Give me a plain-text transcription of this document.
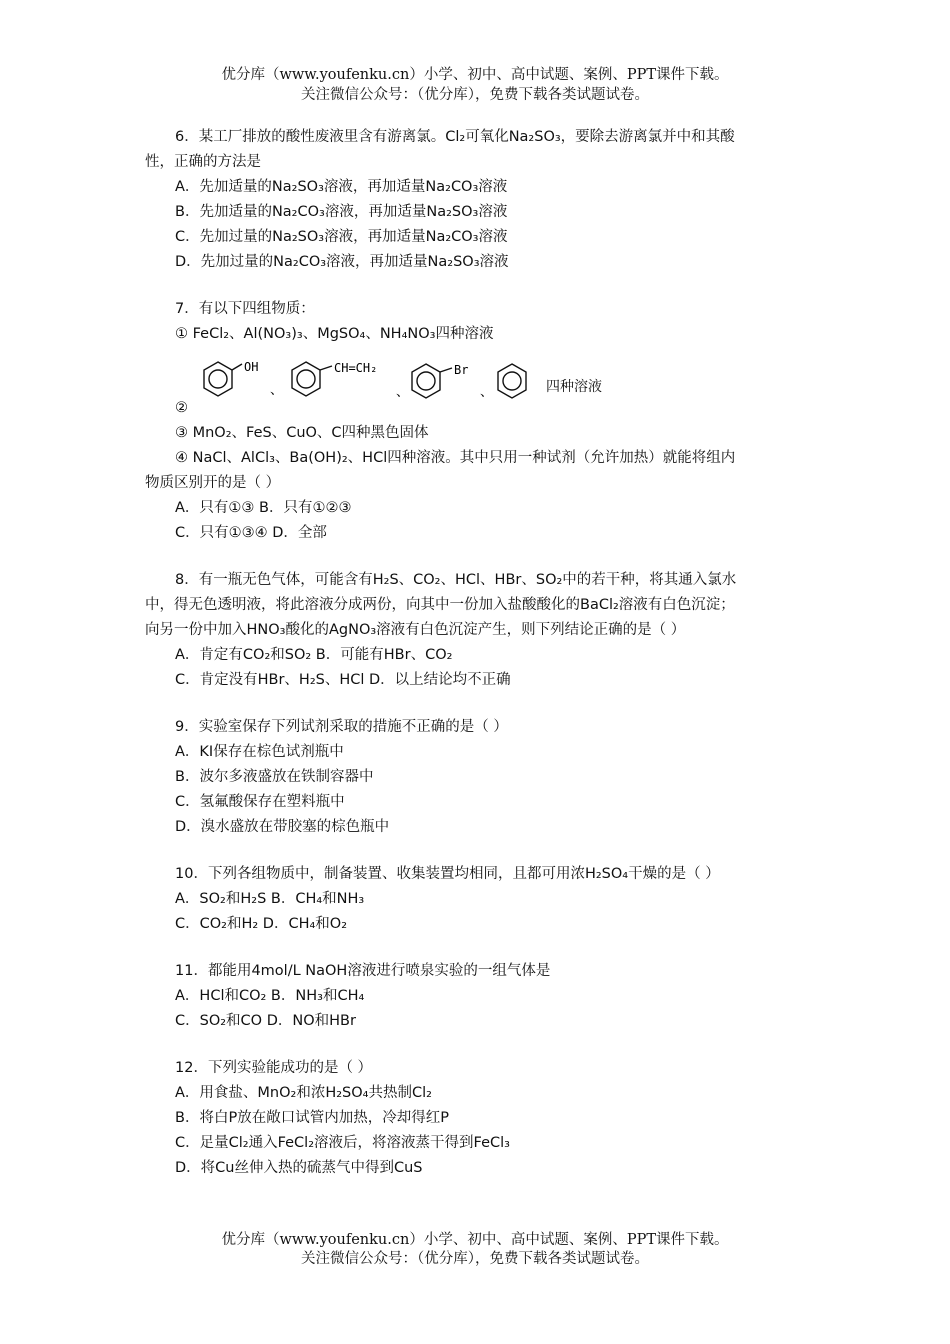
优分库（www.youfenku.cn）小学、初中、高中试题、案例、PPT课件下载。
关注微信公众号：（优分库），免费下载各类试题试卷。
6．某工厂排放的酸性废液里含有游离氯。Cl₂可氧化Na₂SO₃，要除去游离氯并中和其酸
性，正确的方法是
A．先加适量的Na₂SO₃溶液，再加适量Na₂CO₃溶液
B．先加适量的Na₂CO₃溶液，再加适量Na₂SO₃溶液
C．先加过量的Na₂SO₃溶液，再加适量Na₂CO₃溶液
D．先加过量的Na₂CO₃溶液，再加适量Na₂SO₃溶液
7．有以下四组物质：
① FeCl₂、Al(NO₃)₃、MgSO₄、NH₄NO₃四种溶液
OH
、
CH=CH₂
、
Br
、	四种溶液
②
③ MnO₂、FeS、CuO、C四种黑色固体
④ NaCl、AlCl₃、Ba(OH)₂、HCl四种溶液。其中只用一种试剂（允许加热）就能将组内
物质区别开的是（ ）
A．只有①③ B．只有①②③
C．只有①③④ D．全部
8．有一瓶无色气体，可能含有H₂S、CO₂、HCl、HBr、SO₂中的若干种，将其通入氯水
中，得无色透明液，将此溶液分成两份，向其中一份加入盐酸酸化的BaCl₂溶液有白色沉淀；
向另一份中加入HNO₃酸化的AgNO₃溶液有白色沉淀产生，则下列结论正确的是（ ）
A．肯定有CO₂和SO₂ B．可能有HBr、CO₂
C．肯定没有HBr、H₂S、HCl D．以上结论均不正确
9．实验室保存下列试剂采取的措施不正确的是（ ）
A．KI保存在棕色试剂瓶中
B．波尔多液盛放在铁制容器中
C．氢氟酸保存在塑料瓶中
D．溴水盛放在带胶塞的棕色瓶中
10．下列各组物质中，制备装置、收集装置均相同，且都可用浓H₂SO₄干燥的是（ ）
A．SO₂和H₂S B．CH₄和NH₃
C．CO₂和H₂ D．CH₄和O₂
11．都能用4mol/L NaOH溶液进行喷泉实验的一组气体是
A．HCl和CO₂ B．NH₃和CH₄
C．SO₂和CO D．NO和HBr
12．下列实验能成功的是（ ）
A．用食盐、MnO₂和浓H₂SO₄共热制Cl₂
B．将白P放在敞口试管内加热，冷却得红P
C．足量Cl₂通入FeCl₂溶液后，将溶液蒸干得到FeCl₃
D．将Cu丝伸入热的硫蒸气中得到CuS
优分库（www.youfenku.cn）小学、初中、高中试题、案例、PPT课件下载。
关注微信公众号：（优分库），免费下载各类试题试卷。
